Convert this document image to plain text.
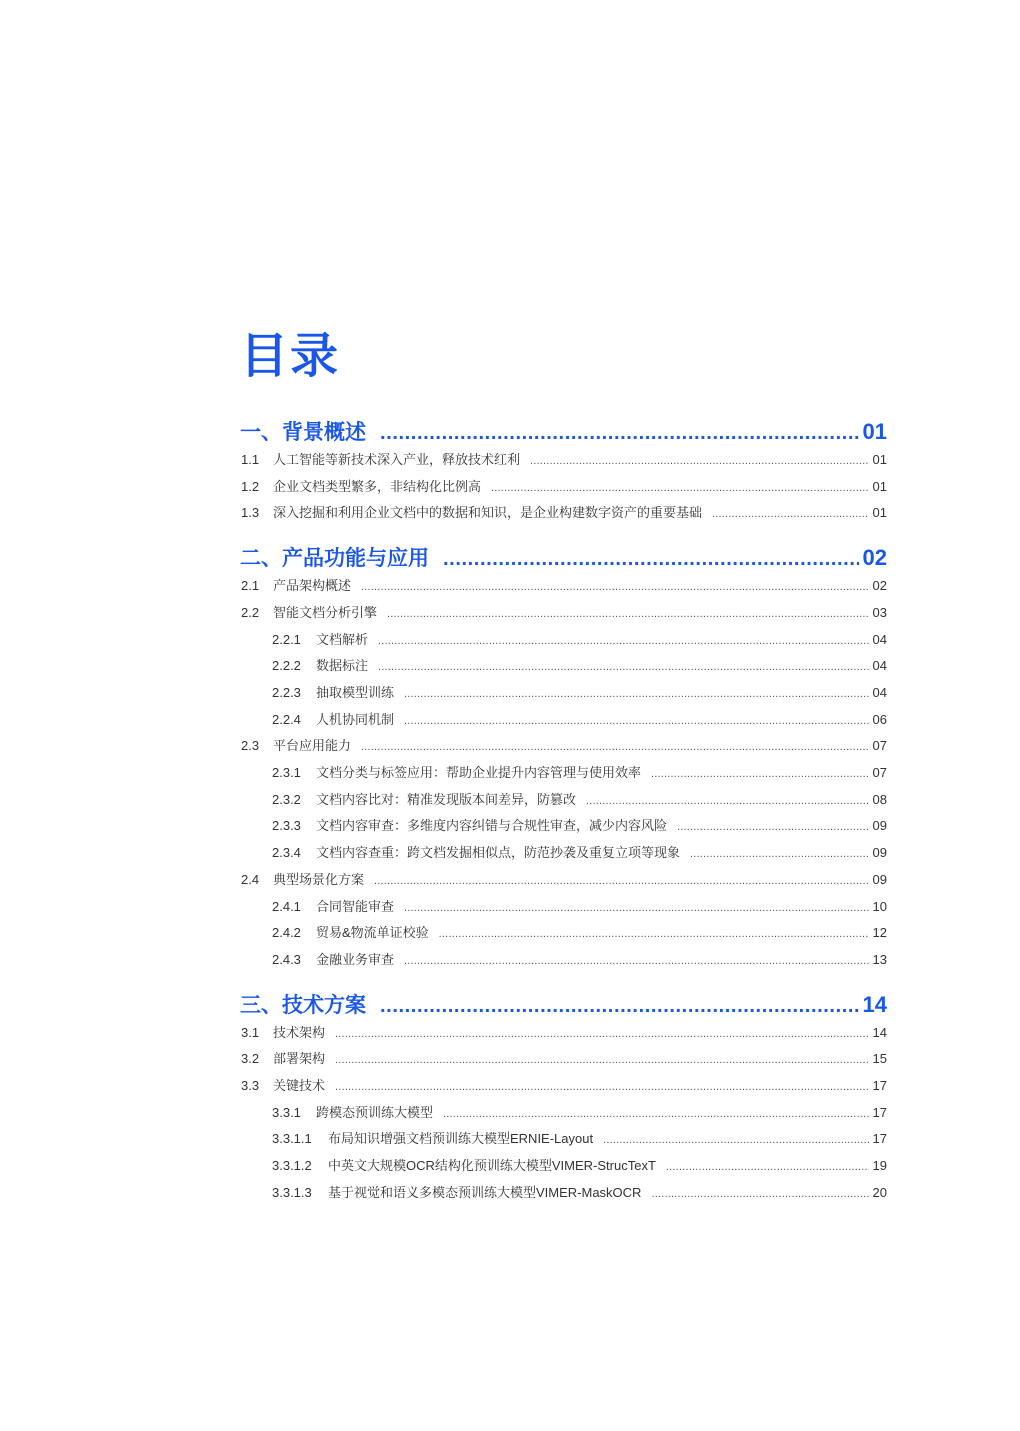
目录
一、背景概述 .....	01
1.1	人工智能等新技术深入产业，释放技术红利 .....	01
1.2	企业文档类型繁多，非结构化比例高 .....	01
1.3	深入挖掘和利用企业文档中的数据和知识，是企业构建数字资产的重要基础 .....	01
二、产品功能与应用 .....	02
2.1	产品架构概述 .....	02
2.2	智能文档分析引擎 .....	03
2.2.1	文档解析 .....	04
2.2.2	数据标注 .....	04
2.2.3	抽取模型训练 .....	04
2.2.4	人机协同机制 .....	06
2.3	平台应用能力 .....	07
2.3.1	文档分类与标签应用：帮助企业提升内容管理与使用效率 .....	07
2.3.2	文档内容比对：精准发现版本间差异，防篡改 .....	08
2.3.3	文档内容审查：多维度内容纠错与合规性审查，减少内容风险 .....	09
2.3.4	文档内容查重：跨文档发掘相似点，防范抄袭及重复立项等现象 .....	09
2.4	典型场景化方案 .....	09
2.4.1	合同智能审查 .....	10
2.4.2	贸易&物流单证校验 .....	12
2.4.3	金融业务审查 .....	13
三、技术方案 .....	14
3.1	技术架构 .....	14
3.2	部署架构 .....	15
3.3	关键技术 .....	17
3.3.1	跨模态预训练大模型 .....	17
3.3.1.1	布局知识增强文档预训练大模型ERNIE-Layout .....	17
3.3.1.2	中英文大规模OCR结构化预训练大模型VIMER-StrucTexT .....	19
3.3.1.3	基于视觉和语义多模态预训练大模型VIMER-MaskOCR .....	20
